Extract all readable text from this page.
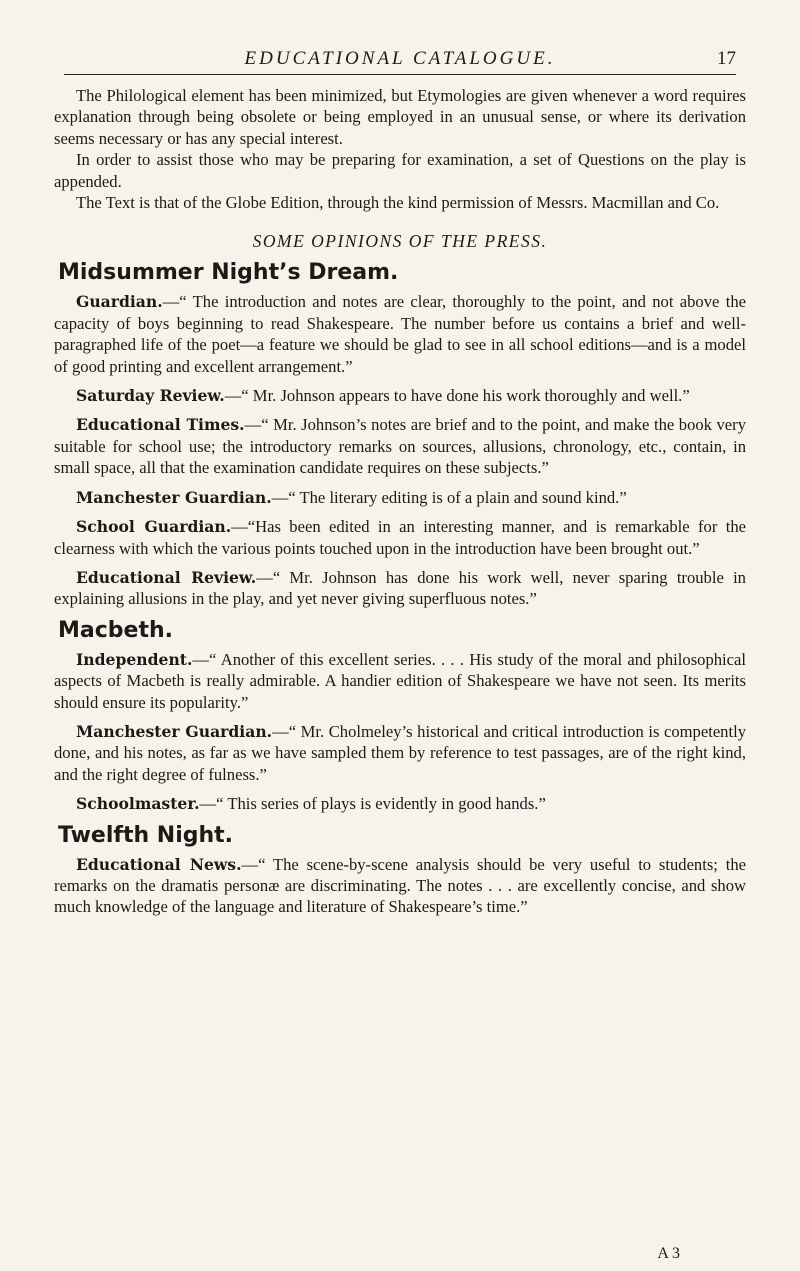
EDUCATIONAL CATALOGUE.	17

The Philological element has been minimized, but Etymologies are given whenever a word requires explanation through being obsolete or being employed in an unusual sense, or where its derivation seems necessary or has any special interest.

In order to assist those who may be preparing for examination, a set of Questions on the play is appended.

The Text is that of the Globe Edition, through the kind permission of Messrs. Macmillan and Co.

SOME OPINIONS OF THE PRESS.
Midsummer Night’s Dream.

Guardian.—“ The introduction and notes are clear, thoroughly to the point, and not above the capacity of boys beginning to read Shakespeare. The number before us contains a brief and well-paragraphed life of the poet—a feature we should be glad to see in all school editions—and is a model of good printing and excellent arrangement.”

Saturday Review.—“ Mr. Johnson appears to have done his work thoroughly and well.”

Educational Times.—“ Mr. Johnson’s notes are brief and to the point, and make the book very suitable for school use; the introductory remarks on sources, allusions, chronology, etc., contain, in small space, all that the examination candidate requires on these subjects.”

Manchester Guardian.—“ The literary editing is of a plain and sound kind.”

School Guardian.—“Has been edited in an interesting manner, and is remarkable for the clearness with which the various points touched upon in the introduction have been brought out.”

Educational Review.—“ Mr. Johnson has done his work well, never sparing trouble in explaining allusions in the play, and yet never giving superfluous notes.”

Macbeth.

Independent.—“ Another of this excellent series. . . . His study of the moral and philosophical aspects of Macbeth is really admirable. A handier edition of Shakespeare we have not seen. Its merits should ensure its popularity.”

Manchester Guardian.—“ Mr. Cholmeley’s historical and critical introduction is competently done, and his notes, as far as we have sampled them by reference to test passages, are of the right kind, and the right degree of fulness.”

Schoolmaster.—“ This series of plays is evidently in good hands.”

Twelfth Night.

Educational News.—“ The scene-by-scene analysis should be very useful to students; the remarks on the dramatis personæ are discriminating. The notes . . . are excellently concise, and show much knowledge of the language and literature of Shakespeare’s time.”

A 3
